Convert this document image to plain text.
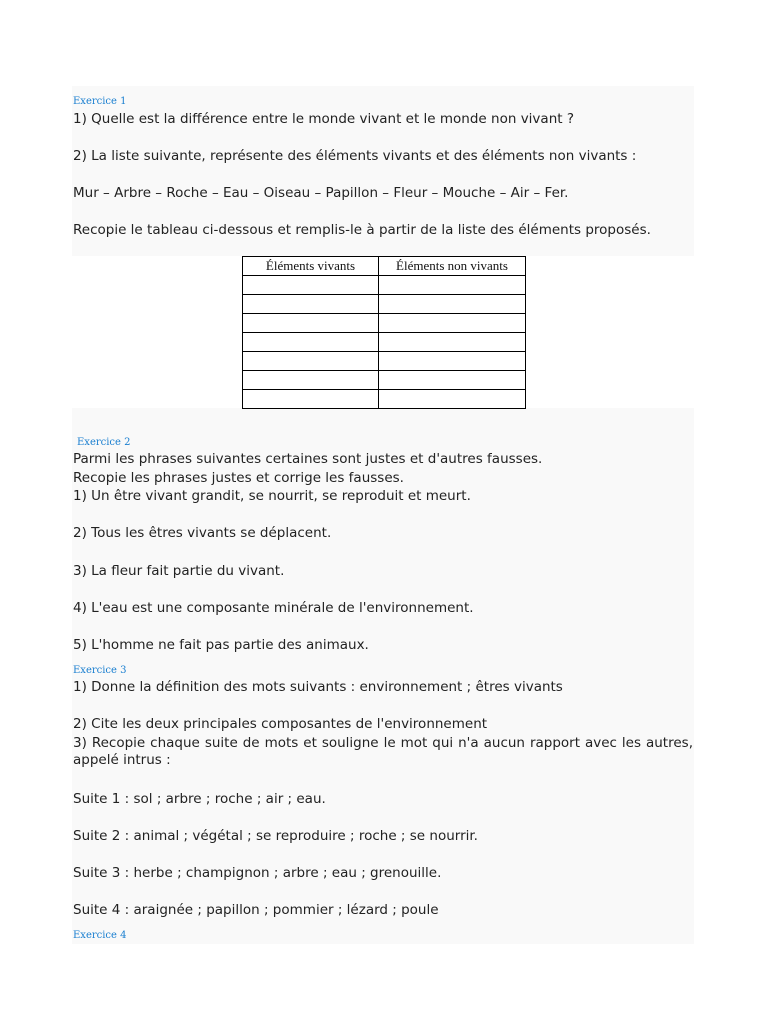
Exercice 1
1) Quelle est la différence entre le monde vivant et le monde non vivant ?
2) La liste suivante, représente des éléments vivants et des éléments non vivants :
Mur – Arbre – Roche – Eau – Oiseau – Papillon – Fleur – Mouche – Air – Fer.
Recopie le tableau ci-dessous et remplis-le à partir de la liste des éléments proposés.
Éléments vivants	Éléments non vivants

Exercice 2
Parmi les phrases suivantes certaines sont justes et d'autres fausses.
Recopie les phrases justes et corrige les fausses.
1) Un être vivant grandit, se nourrit, se reproduit et meurt.
2) Tous les êtres vivants se déplacent.
3) La fleur fait partie du vivant.
4) L'eau est une composante minérale de l'environnement.
5) L'homme ne fait pas partie des animaux.
Exercice 3
1) Donne la définition des mots suivants : environnement ; êtres vivants
2) Cite les deux principales composantes de l'environnement
3) Recopie chaque suite de mots et souligne le mot qui n'a aucun rapport avec les autres, appelé intrus :
Suite 1 : sol ; arbre ; roche ; air ; eau.
Suite 2 : animal ; végétal ; se reproduire ; roche ; se nourrir.
Suite 3 : herbe ; champignon ; arbre ; eau ; grenouille.
Suite 4 : araignée ; papillon ; pommier ; lézard ; poule
Exercice 4
